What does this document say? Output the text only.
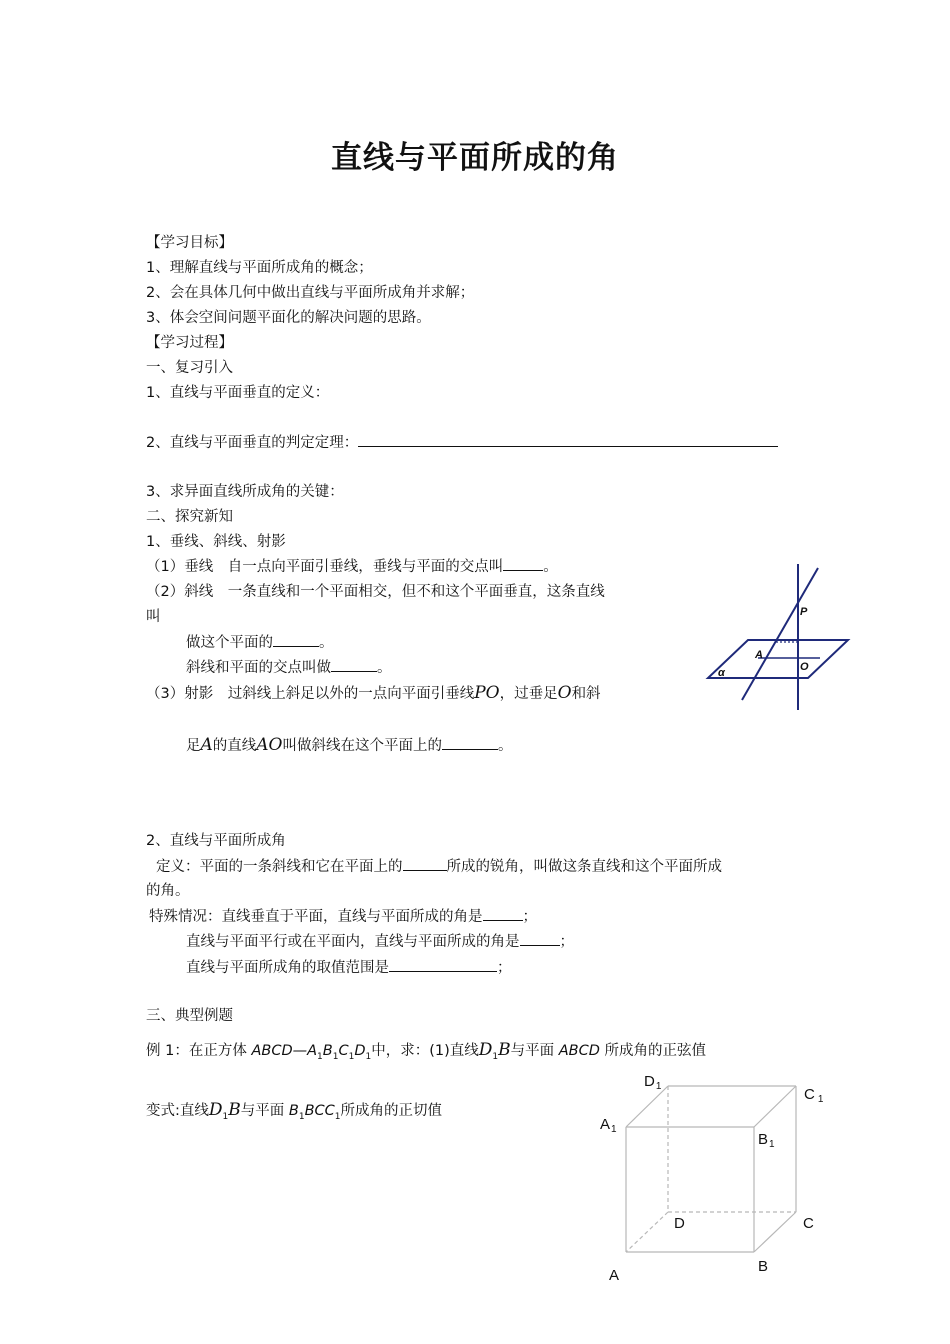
直线与平面所成的角
【学习目标】
1、理解直线与平面所成角的概念；
2、会在具体几何中做出直线与平面所成角并求解；
3、体会空间问题平面化的解决问题的思路。
【学习过程】
一、复习引入
1、直线与平面垂直的定义：
2、直线与平面垂直的判定定理：
3、求异面直线所成角的关键：
二、探究新知
1、垂线、斜线、射影
（1）垂线　自一点向平面引垂线，垂线与平面的交点叫	。
（2）斜线　一条直线和一个平面相交，但不和这个平面垂直，这条直线
叫
做这个平面的	。
斜线和平面的交点叫做	。
（3）射影　过斜线上斜足以外的一点向平面引垂线PO，过垂足O和斜
足A的直线AO叫做斜线在这个平面上的	。
P
A
O
α
2、直线与平面所成角
定义：平面的一条斜线和它在平面上的	所成的锐角，叫做这条直线和这个平面所成
的角。
特殊情况：直线垂直于平面，直线与平面所成的角是	；
直线与平面平行或在平面内，直线与平面所成的角是	；
直线与平面所成角的取值范围是	；
三、典型例题
例 1：在正方体 $ABCD—A_1B_1C_1D_1$中，求：(1)直线$D_1B$与平面 ABCD 所成角的正弦值
变式:直线$D_1B$与平面 $B_1BCC_1$所成角的正切值
$D_1$	C $_1$
$A_1$
$B_1$
D	C
A
B
